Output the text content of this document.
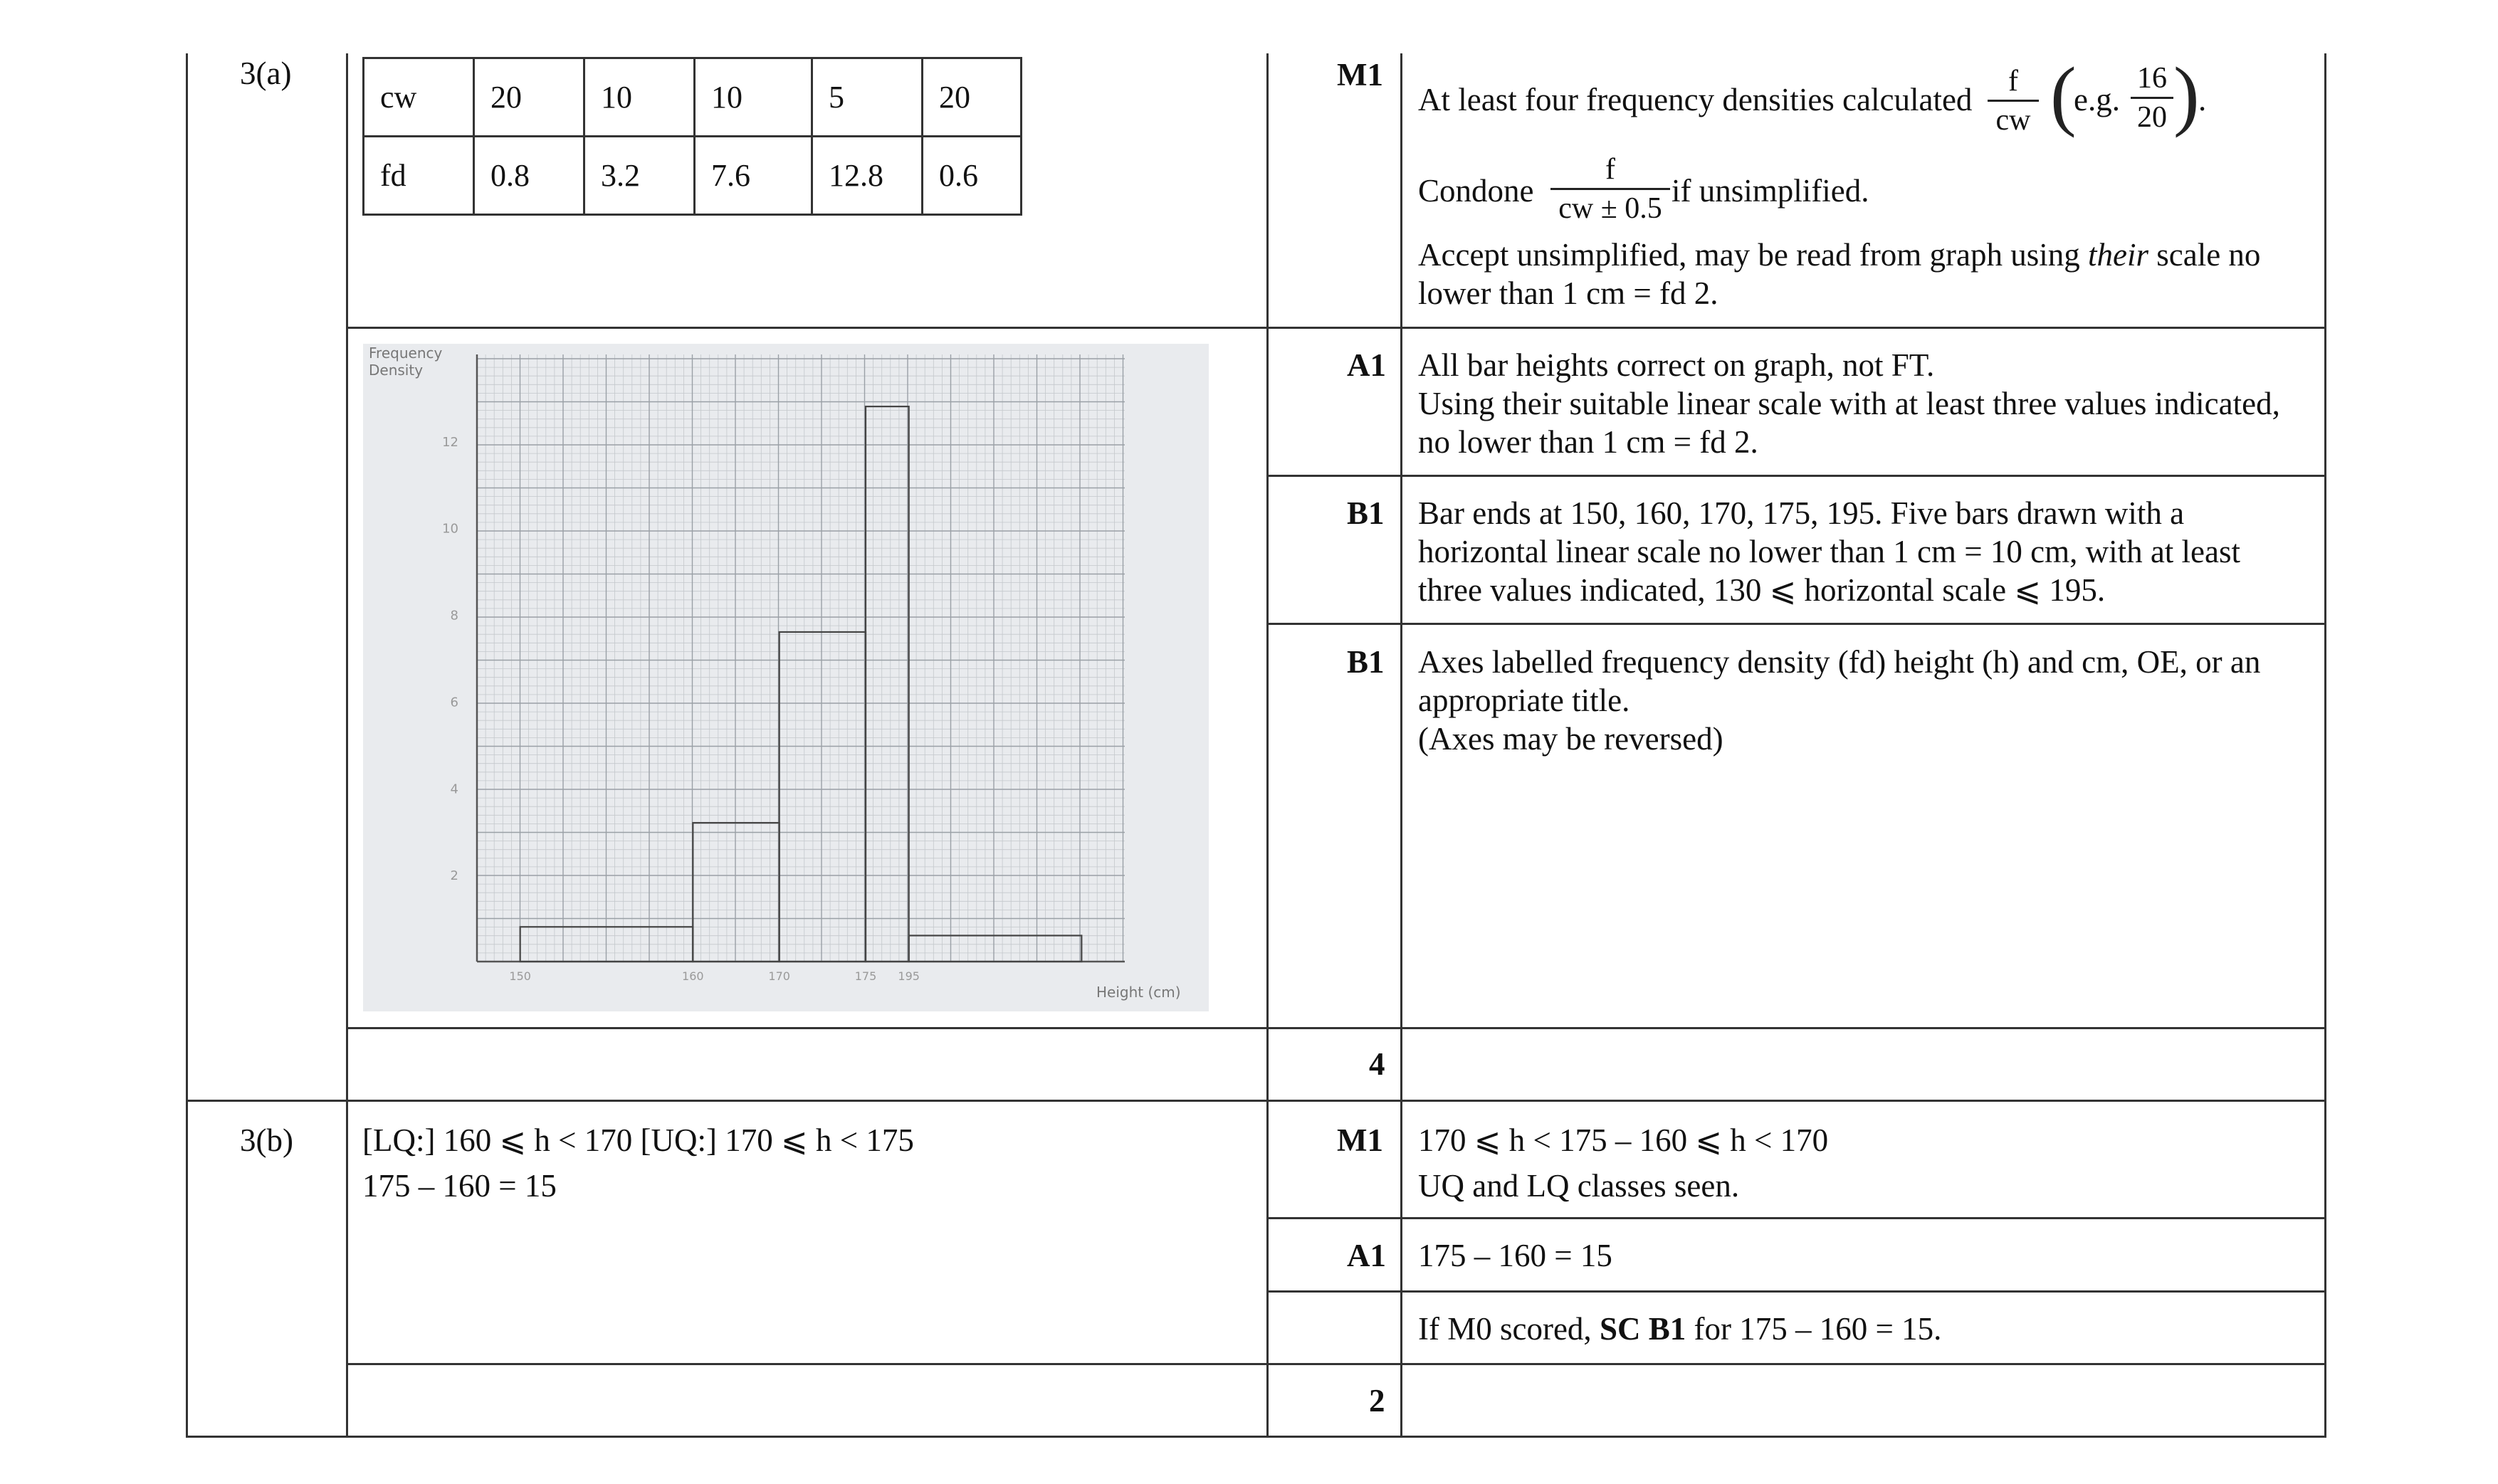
3(a)
cw	20	10	10	5	20
fd	0.8	3.2	7.6	12.8	0.6
M1
At least four frequency densities calculated
f
cw (
e.g.
16
20 )
.
Condone
f
cw ± 0.5 if unsimplified.
Accept unsimplified, may be read from graph using their scale no
lower than 1 cm = fd 2.
A1 All bar heights correct on graph, not FT.
Using their suitable linear scale with at least three values indicated,
no lower than 1 cm = fd 2.
B1 Bar ends at 150, 160, 170, 175, 195. Five bars drawn with a
horizontal linear scale no lower than 1 cm = 10 cm, with at least
three values indicated, 130 ⩽ horizontal scale ⩽ 195.
B1 Axes labelled frequency density (fd) height (h) and cm, OE, or an
appropriate title.
(Axes may be reversed)
4
2
4
6
8
10
12
150	160	170	175 195
Frequency
Density
Height (cm)
3(b) [LQ:] 160 ⩽ h < 170 [UQ:] 170 ⩽ h < 175
175 – 160 = 15
M1 170 ⩽ h < 175 – 160 ⩽ h < 170
UQ and LQ classes seen.
A1 175 – 160 = 15
If M0 scored, SC B1 for 175 – 160 = 15.
2
